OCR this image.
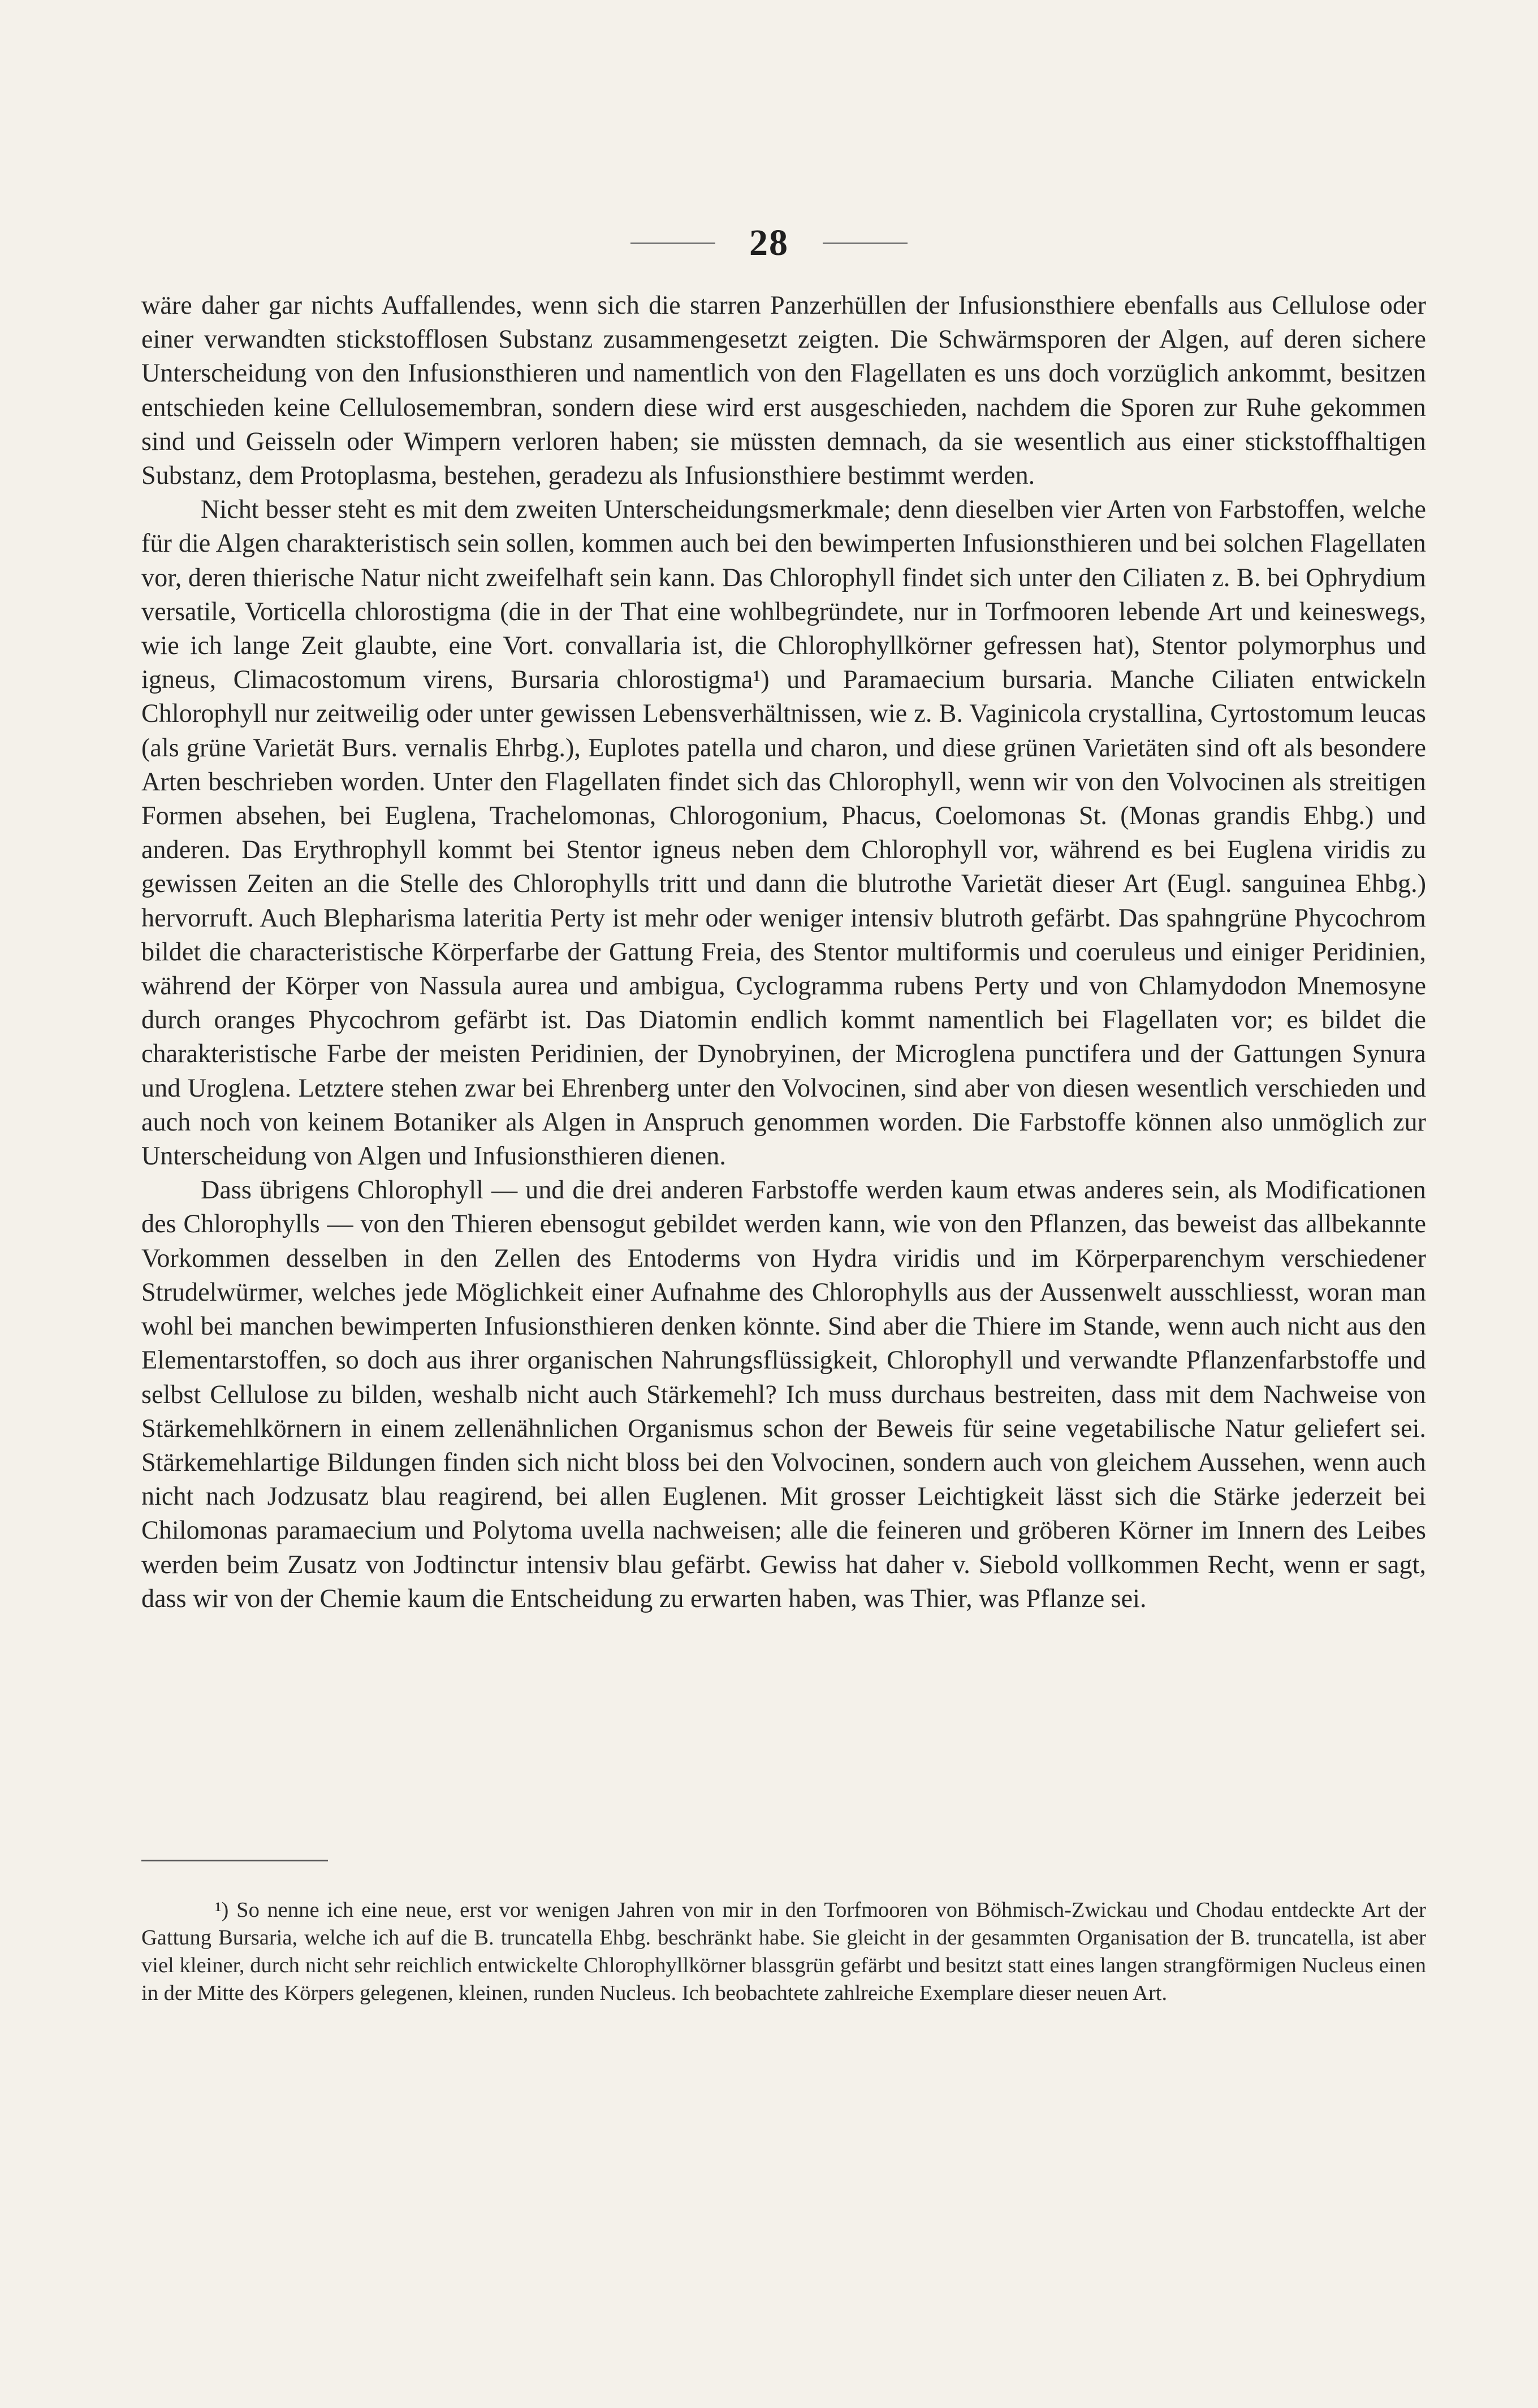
28

wäre daher gar nichts Auffallendes, wenn sich die starren Panzerhüllen der Infusionsthiere ebenfalls aus Cellulose oder einer verwandten stickstofflosen Substanz zusammengesetzt zeigten. Die Schwärmsporen der Algen, auf deren sichere Unterscheidung von den Infusionsthieren und namentlich von den Flagellaten es uns doch vorzüglich ankommt, besitzen entschieden keine Cellulosemembran, sondern diese wird erst ausgeschieden, nachdem die Sporen zur Ruhe gekommen sind und Geisseln oder Wimpern verloren haben; sie müssten demnach, da sie wesentlich aus einer stickstoffhaltigen Substanz, dem Protoplasma, bestehen, geradezu als Infusionsthiere bestimmt werden.

Nicht besser steht es mit dem zweiten Unterscheidungsmerkmale; denn dieselben vier Arten von Farbstoffen, welche für die Algen charakteristisch sein sollen, kommen auch bei den bewimperten Infusionsthieren und bei solchen Flagellaten vor, deren thierische Natur nicht zweifelhaft sein kann. Das Chlorophyll findet sich unter den Ciliaten z. B. bei Ophrydium versatile, Vorticella chlorostigma (die in der That eine wohlbegründete, nur in Torfmooren lebende Art und keineswegs, wie ich lange Zeit glaubte, eine Vort. convallaria ist, die Chlorophyllkörner gefressen hat), Stentor polymorphus und igneus, Climacostomum virens, Bursaria chlorostigma¹) und Paramaecium bursaria. Manche Ciliaten entwickeln Chlorophyll nur zeitweilig oder unter gewissen Lebensverhältnissen, wie z. B. Vaginicola crystallina, Cyrtostomum leucas (als grüne Varietät Burs. vernalis Ehrbg.), Euplotes patella und charon, und diese grünen Varietäten sind oft als besondere Arten beschrieben worden. Unter den Flagellaten findet sich das Chlorophyll, wenn wir von den Volvocinen als streitigen Formen absehen, bei Euglena, Trachelomonas, Chlorogonium, Phacus, Coelomonas St. (Monas grandis Ehbg.) und anderen. Das Erythrophyll kommt bei Stentor igneus neben dem Chlorophyll vor, während es bei Euglena viridis zu gewissen Zeiten an die Stelle des Chlorophylls tritt und dann die blutrothe Varietät dieser Art (Eugl. sanguinea Ehbg.) hervorruft. Auch Blepharisma lateritia Perty ist mehr oder weniger intensiv blutroth gefärbt. Das spahngrüne Phycochrom bildet die characteristische Körperfarbe der Gattung Freia, des Stentor multiformis und coeruleus und einiger Peridinien, während der Körper von Nassula aurea und ambigua, Cyclogramma rubens Perty und von Chlamydodon Mnemosyne durch oranges Phycochrom gefärbt ist. Das Diatomin endlich kommt namentlich bei Flagellaten vor; es bildet die charakteristische Farbe der meisten Peridinien, der Dynobryinen, der Microglena punctifera und der Gattungen Synura und Uroglena. Letztere stehen zwar bei Ehrenberg unter den Volvocinen, sind aber von diesen wesentlich verschieden und auch noch von keinem Botaniker als Algen in Anspruch genommen worden. Die Farbstoffe können also unmöglich zur Unterscheidung von Algen und Infusionsthieren dienen.

Dass übrigens Chlorophyll — und die drei anderen Farbstoffe werden kaum etwas anderes sein, als Modificationen des Chlorophylls — von den Thieren ebensogut gebildet werden kann, wie von den Pflanzen, das beweist das allbekannte Vorkommen desselben in den Zellen des Entoderms von Hydra viridis und im Körperparenchym verschiedener Strudelwürmer, welches jede Möglichkeit einer Aufnahme des Chlorophylls aus der Aussenwelt ausschliesst, woran man wohl bei manchen bewimperten Infusionsthieren denken könnte. Sind aber die Thiere im Stande, wenn auch nicht aus den Elementarstoffen, so doch aus ihrer organischen Nahrungsflüssigkeit, Chlorophyll und verwandte Pflanzenfarbstoffe und selbst Cellulose zu bilden, weshalb nicht auch Stärkemehl? Ich muss durchaus bestreiten, dass mit dem Nachweise von Stärkemehlkörnern in einem zellenähnlichen Organismus schon der Beweis für seine vegetabilische Natur geliefert sei. Stärkemehlartige Bildungen finden sich nicht bloss bei den Volvocinen, sondern auch von gleichem Aussehen, wenn auch nicht nach Jodzusatz blau reagirend, bei allen Euglenen. Mit grosser Leichtigkeit lässt sich die Stärke jederzeit bei Chilomonas paramaecium und Polytoma uvella nachweisen; alle die feineren und gröberen Körner im Innern des Leibes werden beim Zusatz von Jodtinctur intensiv blau gefärbt. Gewiss hat daher v. Siebold vollkommen Recht, wenn er sagt, dass wir von der Chemie kaum die Entscheidung zu erwarten haben, was Thier, was Pflanze sei.

¹) So nenne ich eine neue, erst vor wenigen Jahren von mir in den Torfmooren von Böhmisch-Zwickau und Chodau entdeckte Art der Gattung Bursaria, welche ich auf die B. truncatella Ehbg. beschränkt habe. Sie gleicht in der gesammten Organisation der B. truncatella, ist aber viel kleiner, durch nicht sehr reichlich entwickelte Chlorophyllkörner blassgrün gefärbt und besitzt statt eines langen strangförmigen Nucleus einen in der Mitte des Körpers gelegenen, kleinen, runden Nucleus. Ich beobachtete zahlreiche Exemplare dieser neuen Art.
